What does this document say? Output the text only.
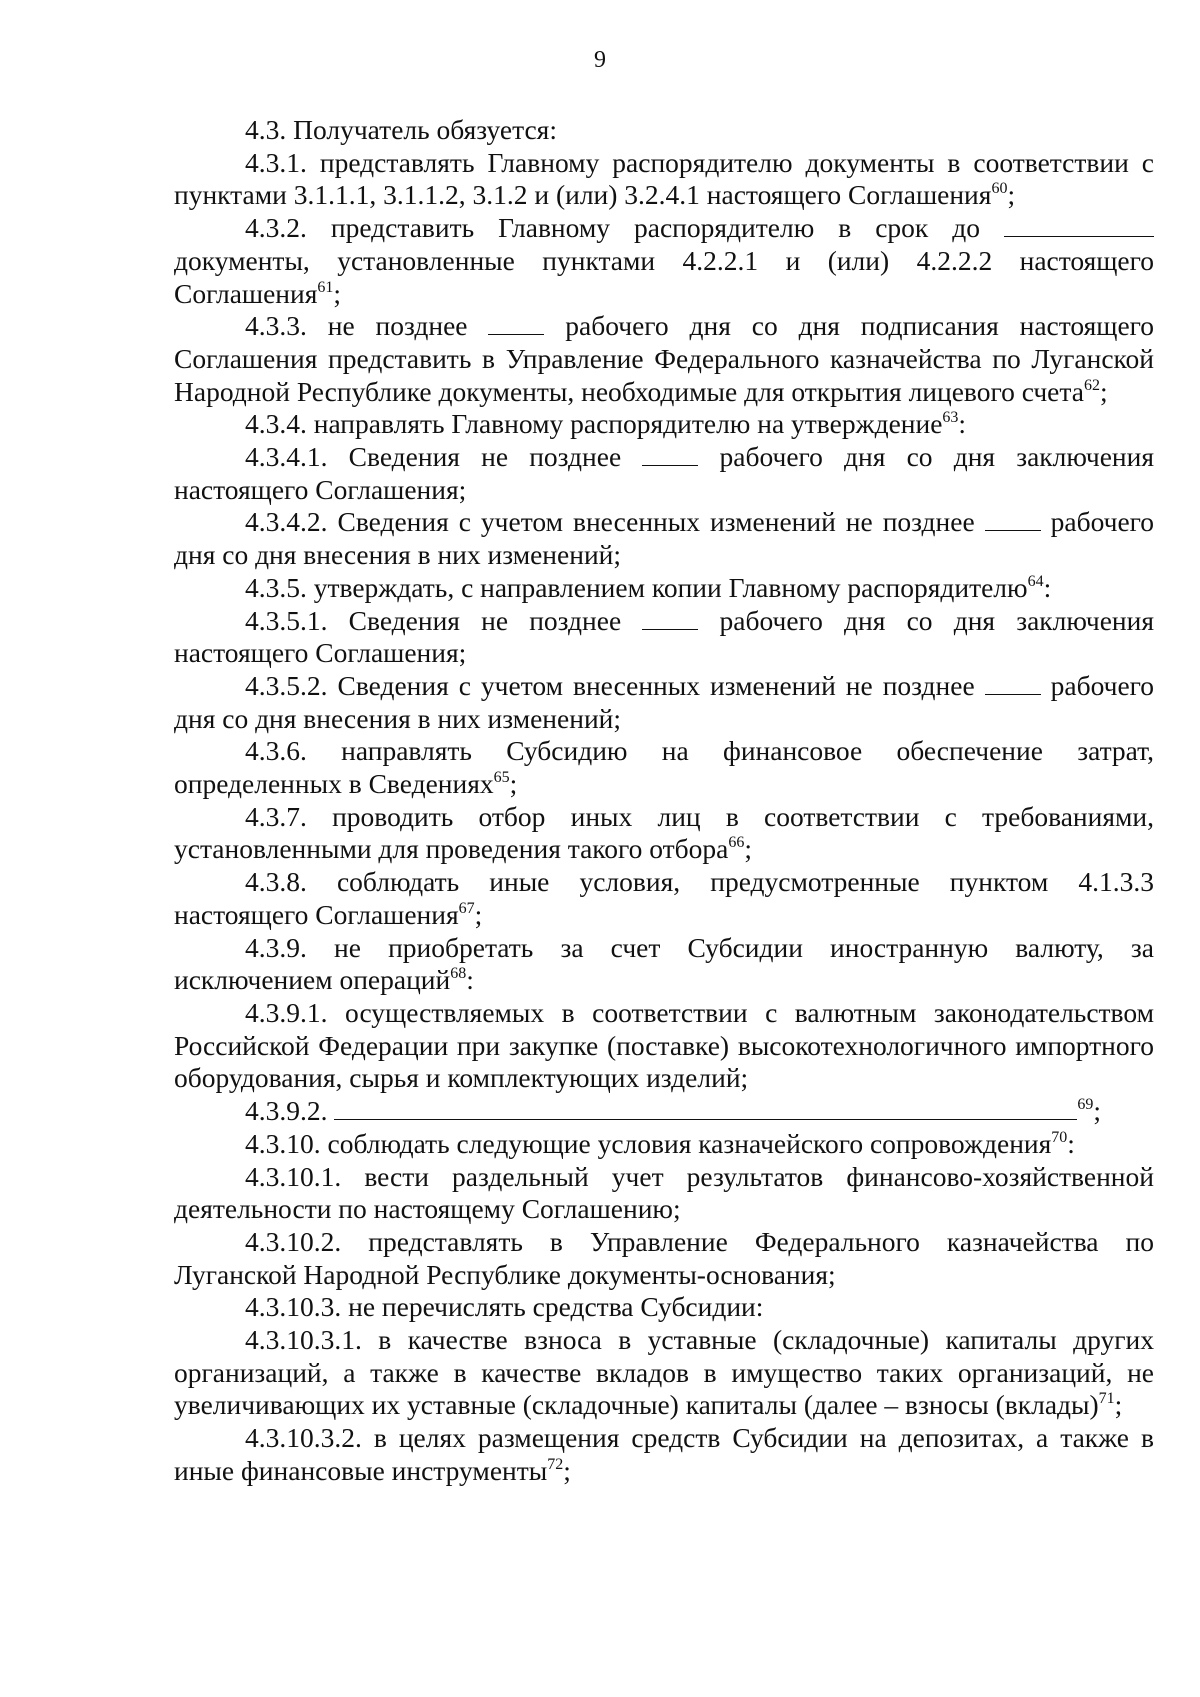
9

4.3. Получатель обязуется:

4.3.1. представлять Главному распорядителю документы в соответствии с пунктами 3.1.1.1, 3.1.1.2, 3.1.2 и (или) 3.2.4.1 настоящего Соглашения$^{60}$;

4.3.2. представить Главному распорядителю в срок до  документы, установленные пунктами 4.2.2.1 и (или) 4.2.2.2 настоящего Соглашения$^{61}$;

4.3.3. не позднее	рабочего дня со дня подписания настоящего Соглашения представить в Управление Федерального казначейства по Луганской Народной Республике документы, необходимые для открытия лицевого счета$^{62}$;

4.3.4. направлять Главному распорядителю на утверждение$^{63}$:

4.3.4.1. Сведения не позднее	рабочего дня со дня заключения настоящего Соглашения;

4.3.4.2. Сведения с учетом внесенных изменений не позднее	рабочего дня со дня внесения в них изменений;

4.3.5. утверждать, с направлением копии Главному распорядителю$^{64}$:

4.3.5.1. Сведения не позднее	рабочего дня со дня заключения настоящего Соглашения;

4.3.5.2. Сведения с учетом внесенных изменений не позднее	рабочего дня со дня внесения в них изменений;

4.3.6. направлять Субсидию на финансовое обеспечение затрат, определенных в Сведениях$^{65}$;

4.3.7. проводить отбор иных лиц в соответствии с требованиями, установленными для проведения такого отбора$^{66}$;

4.3.8. соблюдать иные условия, предусмотренные пунктом 4.1.3.3 настоящего Соглашения$^{67}$;

4.3.9. не приобретать за счет Субсидии иностранную валюту, за исключением операций$^{68}$:

4.3.9.1. осуществляемых в соответствии с валютным законодательством Российской Федерации при закупке (поставке) высокотехнологичного импортного оборудования, сырья и комплектующих изделий;

4.3.9.2.	$^{69}$;

4.3.10. соблюдать следующие условия казначейского сопровождения$^{70}$:

4.3.10.1. вести раздельный учет результатов финансово-хозяйственной деятельности по настоящему Соглашению;

4.3.10.2. представлять в Управление Федерального казначейства по Луганской Народной Республике документы-основания;

4.3.10.3. не перечислять средства Субсидии:

4.3.10.3.1. в качестве взноса в уставные (складочные) капиталы других организаций, а также в качестве вкладов в имущество таких организаций, не увеличивающих их уставные (складочные) капиталы (далее – взносы (вклады)$^{71}$;

4.3.10.3.2. в целях размещения средств Субсидии на депозитах, а также в иные финансовые инструменты$^{72}$;
